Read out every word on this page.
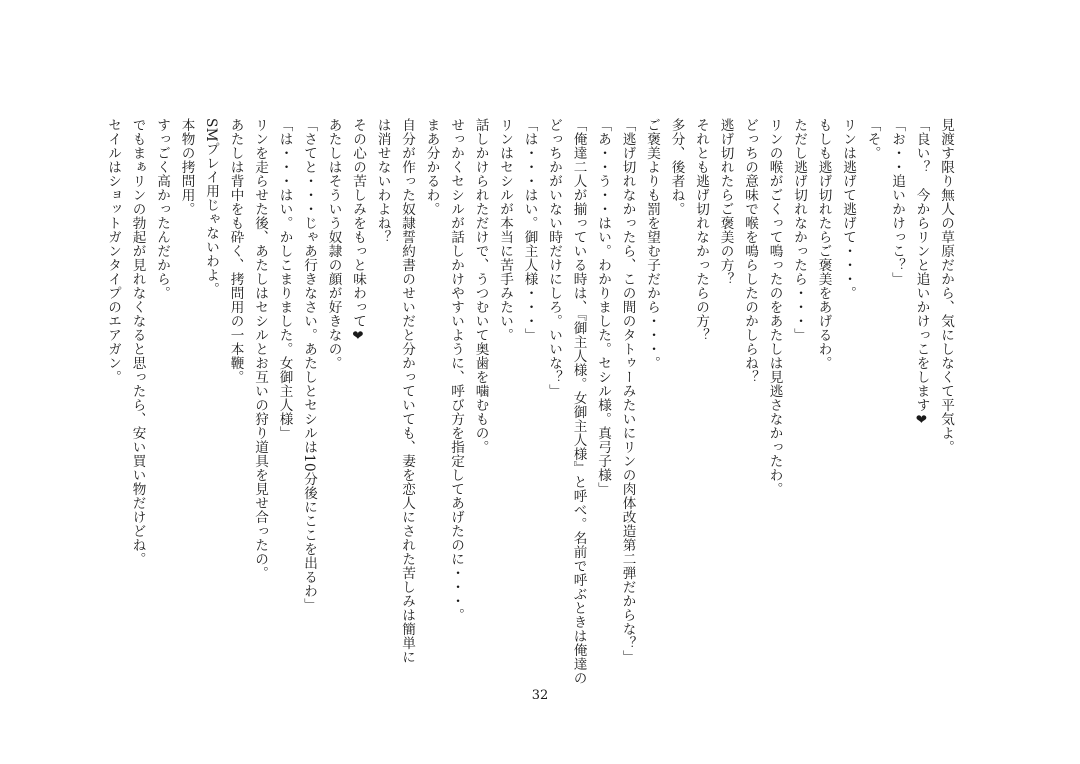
見渡す限り無人の草原だから、気にしなくて平気よ。
「良い？　今からリンと追いかけっこをします❤
「お・・追いかけっこ？」
「そ。
リンは逃げて逃げて・・・。
もしも逃げ切れたらご褒美をあげるわ。
ただし逃げ切れなかったら・・・」
リンの喉がごくって鳴ったのをあたしは見逃さなかったわ。
どっちの意味で喉を鳴らしたのかしらね？
逃げ切れたらご褒美の方？
それとも逃げ切れなかったらの方？
多分、後者ね。
ご褒美よりも罰を望む子だから・・・。
「逃げ切れなかったら、この間のタトゥーみたいにリンの肉体改造第二弾だからな？」
「あ・・う・・はい。わかりました。セシル様。真弓子様」
「俺達二人が揃っている時は、『御主人様。女御主人様』と呼べ。名前で呼ぶときは俺達の
どっちかがいない時だけにしろ。いいな？」
「は・・・はい。御主人様・・・」
リンはセシルが本当に苦手みたい。
話しかけられただけで、うつむいて奥歯を噛むもの。
せっかくセシルが話しかけやすいように、呼び方を指定してあげたのに・・・。
まあ分かるわ。
自分が作った奴隷誓約書のせいだと分かっていても、妻を恋人にされた苦しみは簡単に
は消せないわよね？
その心の苦しみをもっと味わって❤
あたしはそういう奴隷の顔が好きなの。
「さてと・・・じゃあ行きなさい。あたしとセシルは10分後にここを出るわ」
「は・・・はい。かしこまりました。女御主人様」
リンを走らせた後、あたしはセシルとお互いの狩り道具を見せ合ったの。
あたしは背中をも砕く、拷問用の一本鞭。
SMプレイ用じゃないわよ。
本物の拷問用。
すっごく高かったんだから。
でもまぁリンの勃起が見れなくなると思ったら、安い買い物だけどね。
セイルはショットガンタイプのエアガン。
32
